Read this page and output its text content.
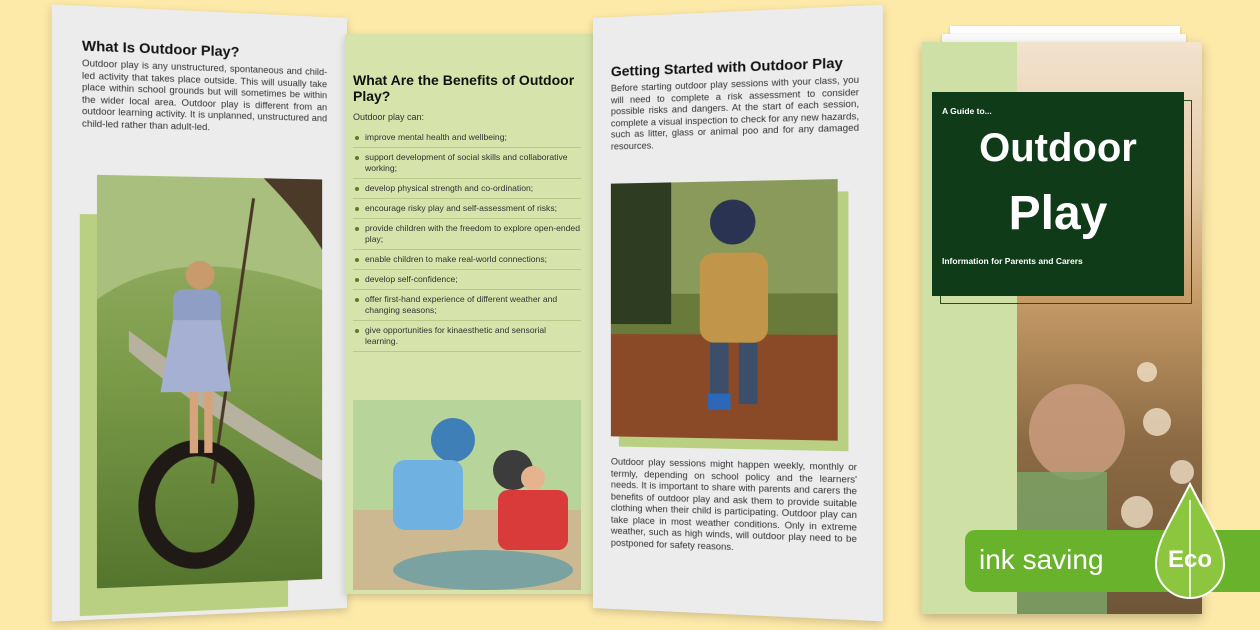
What Is Outdoor Play?

Outdoor play is any unstructured, spontaneous and child-led activity that takes place outside. This will usually take place within school grounds but will sometimes be within the wider local area. Outdoor play is different from an outdoor learning activity. It is unplanned, unstructured and child-led rather than adult-led.

What Are the Benefits of Outdoor Play?
Outdoor play can:
improve mental health and wellbeing;
support development of social skills and collaborative working;
develop physical strength and co-ordination;
encourage risky play and self-assessment of risks;
provide children with the freedom to explore open-ended play;
enable children to make real-world connections;
develop self-confidence;
offer first-hand experience of different weather and changing seasons;
give opportunities for kinaesthetic and sensorial learning.
Getting Started with Outdoor Play

Before starting outdoor play sessions with your class, you will need to complete a risk assessment to consider possible risks and dangers. At the start of each session, complete a visual inspection to check for any new hazards, such as litter, glass or animal poo and for any damaged resources.

Outdoor play sessions might happen weekly, monthly or termly, depending on school policy and the learners' needs. It is important to share with parents and carers the benefits of outdoor play and ask them to provide suitable clothing when their child is participating. Outdoor play can take place in most weather conditions. Only in extreme weather, such as high winds, will outdoor play need to be postponed for safety reasons.

A Guide to...
Outdoor
Play
Information for Parents and Carers
ink saving	Eco
